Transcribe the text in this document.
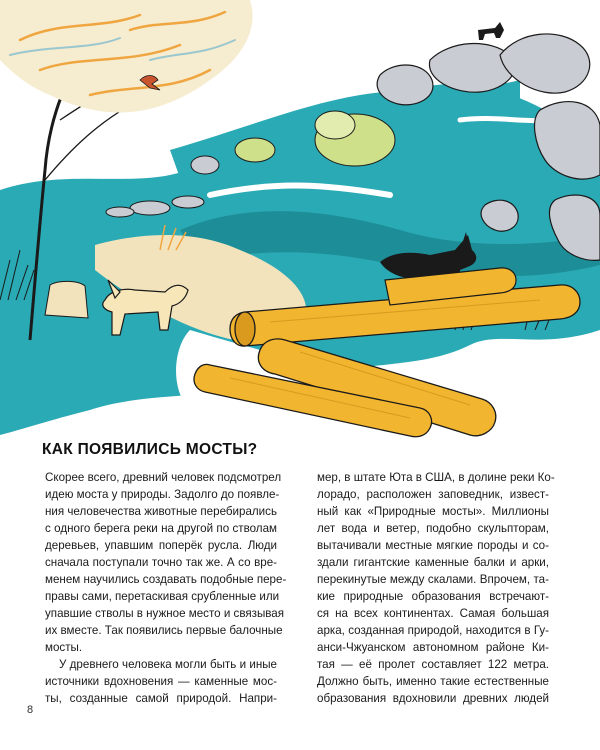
КАК ПОЯВИЛИСЬ МОСТЫ?
Скорее всего, древний человек подсмотрел
идею моста у природы. Задолго до появле-
ния человечества животные перебирались
с одного берега реки на другой по стволам
деревьев, упавшим поперёк русла. Люди
сначала поступали точно так же. А со вре-
менем научились создавать подобные пере-
правы сами, перетаскивая срубленные или
упавшие стволы в нужное место и связывая
их вместе. Так появились первые балочные
мосты.
У древнего человека могли быть и иные
источники вдохновения — каменные мос-
ты, созданные самой природой. Напри-
мер, в штате Юта в США, в долине реки Ко-
лорадо, расположен заповедник, извест-
ный как «Природные мосты». Миллионы
лет вода и ветер, подобно скульпторам,
вытачивали местные мягкие породы и со-
здали гигантские каменные балки и арки,
перекинутые между скалами. Впрочем, та-
кие природные образования встречают-
ся на всех континентах. Самая большая
арка, созданная природой, находится в Гу-
анси-Чжуанском автономном районе Ки-
тая — её пролет составляет 122 метра.
Должно быть, именно такие естественные
образования вдохновили древних людей
8
